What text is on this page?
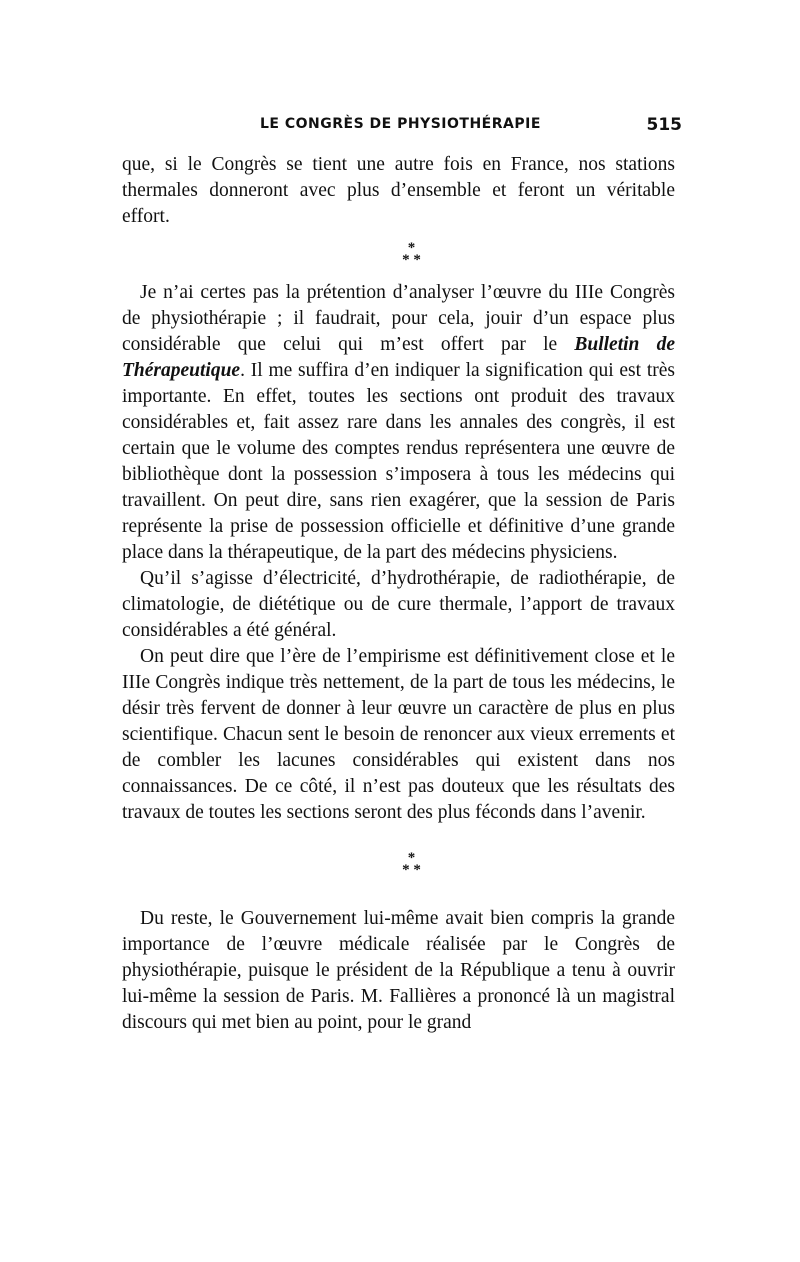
LE CONGRÈS DE PHYSIOTHÉRAPIE	515

que, si le Congrès se tient une autre fois en France, nos stations thermales donneront avec plus d’ensemble et feront un véritable effort.

*
* *

Je n’ai certes pas la prétention d’analyser l’œuvre du IIIe Congrès de physiothérapie ; il faudrait, pour cela, jouir d’un espace plus considérable que celui qui m’est offert par le Bulletin de Thérapeutique. Il me suffira d’en indiquer la signification qui est très importante. En effet, toutes les sections ont produit des travaux considérables et, fait assez rare dans les annales des congrès, il est certain que le volume des comptes rendus représentera une œuvre de bibliothèque dont la possession s’imposera à tous les médecins qui travaillent. On peut dire, sans rien exagérer, que la session de Paris représente la prise de possession officielle et définitive d’une grande place dans la thérapeutique, de la part des médecins physiciens.

Qu’il s’agisse d’électricité, d’hydrothérapie, de radiothérapie, de climatologie, de diététique ou de cure thermale, l’apport de travaux considérables a été général.

On peut dire que l’ère de l’empirisme est définitivement close et le IIIe Congrès indique très nettement, de la part de tous les médecins, le désir très fervent de donner à leur œuvre un caractère de plus en plus scientifique. Chacun sent le besoin de renoncer aux vieux errements et de combler les lacunes considérables qui existent dans nos connaissances. De ce côté, il n’est pas douteux que les résultats des travaux de toutes les sections seront des plus féconds dans l’avenir.

*
* *

Du reste, le Gouvernement lui-même avait bien compris la grande importance de l’œuvre médicale réalisée par le Congrès de physiothérapie, puisque le président de la République a tenu à ouvrir lui-même la session de Paris. M. Fallières a prononcé là un magistral discours qui met bien au point, pour le grand
